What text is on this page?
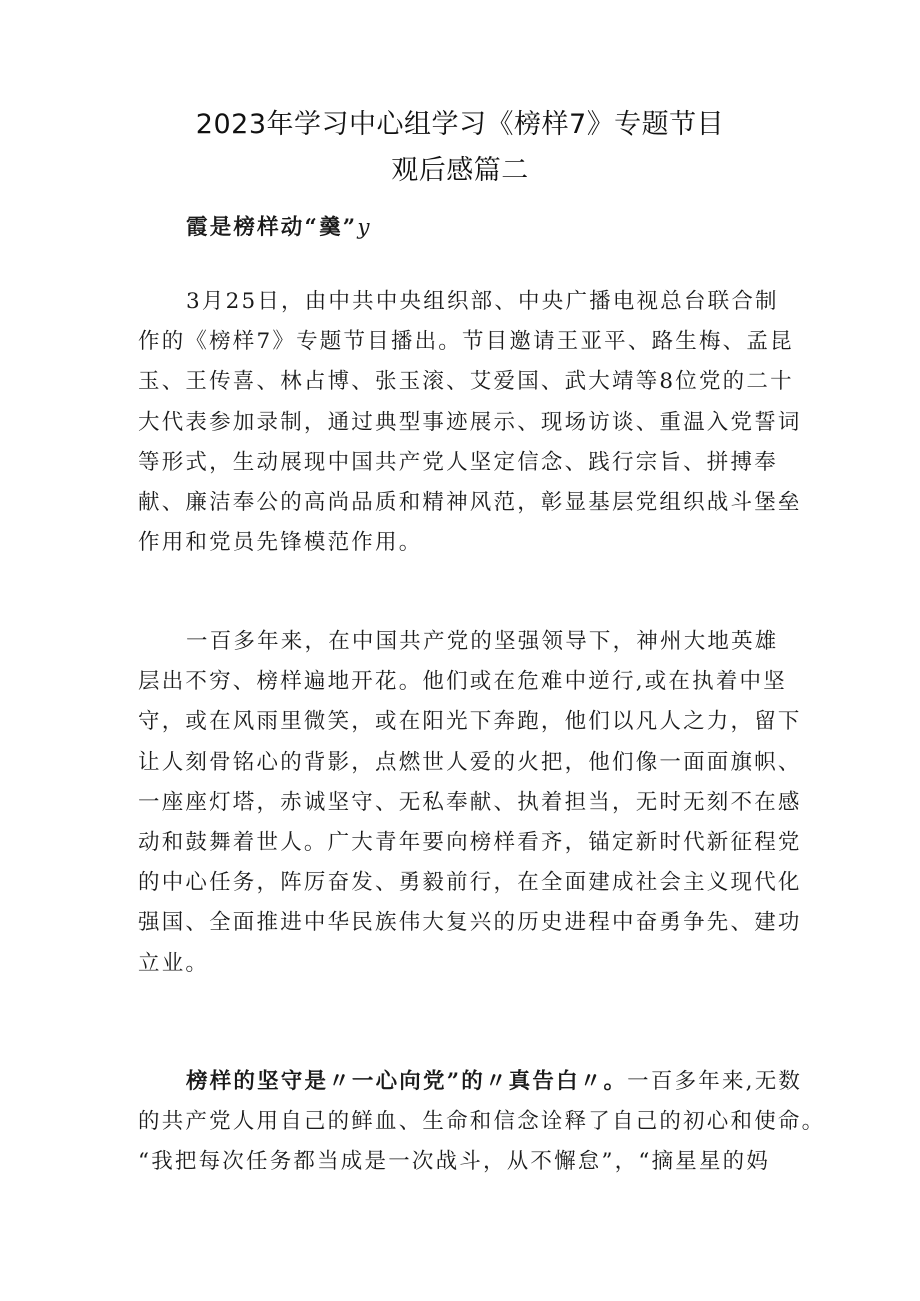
2023年学习中心组学习《榜样7》专题节目
观后感篇二
霞是榜样动“羹”y
3月25日，由中共中央组织部、中央广播电视总台联合制
作的《榜样7》专题节目播出。节目邀请王亚平、路生梅、孟昆
玉、王传喜、林占博、张玉滚、艾爱国、武大靖等8位党的二十
大代表参加录制，通过典型事迹展示、现场访谈、重温入党誓词
等形式，生动展现中国共产党人坚定信念、践行宗旨、拼搏奉
献、廉洁奉公的高尚品质和精神风范，彰显基层党组织战斗堡垒
作用和党员先锋模范作用。
一百多年来，在中国共产党的坚强领导下，神州大地英雄
层出不穷、榜样遍地开花。他们或在危难中逆行,或在执着中坚
守，或在风雨里微笑，或在阳光下奔跑，他们以凡人之力，留下
让人刻骨铭心的背影，点燃世人爱的火把，他们像一面面旗帜、
一座座灯塔，赤诚坚守、无私奉献、执着担当，无时无刻不在感
动和鼓舞着世人。广大青年要向榜样看齐，锚定新时代新征程党
的中心任务，阵厉奋发、勇毅前行，在全面建成社会主义现代化
强国、全面推进中华民族伟大复兴的历史进程中奋勇争先、建功
立业。
榜样的坚守是〃一心向党”的〃真告白〃。一百多年来,无数
的共产党人用自己的鲜血、生命和信念诠释了自己的初心和使命。
“我把每次任务都当成是一次战斗，从不懈怠”，“摘星星的妈
